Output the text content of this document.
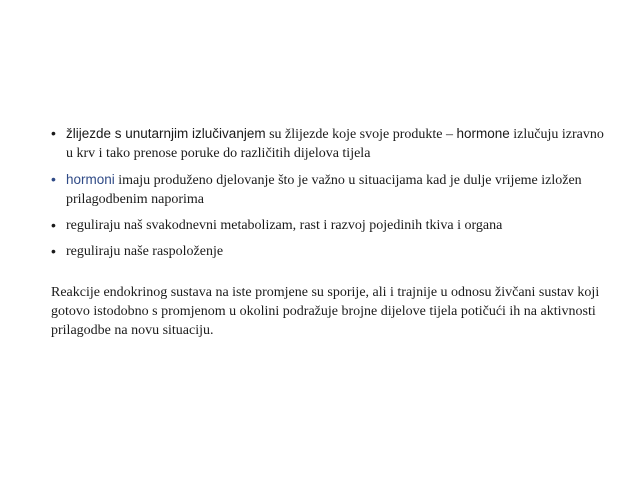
• žlijezde s unutarnjim izlučivanjem su žlijezde koje svoje produkte – hormone izlučuju izravno u krv i tako prenose poruke do različitih dijelova tijela
• hormoni imaju produženo djelovanje što je važno u situacijama kad je dulje vrijeme izložen prilagodbenim naporima
• reguliraju naš svakodnevni metabolizam, rast i razvoj pojedinih tkiva i organa
• reguliraju naše raspoloženje

Reakcije endokrinog sustava na iste promjene su sporije, ali i trajnije u odnosu živčani sustav koji gotovo istodobno s promjenom u okolini podražuje brojne dijelove tijela potičući ih na aktivnosti prilagodbe na novu situaciju.
